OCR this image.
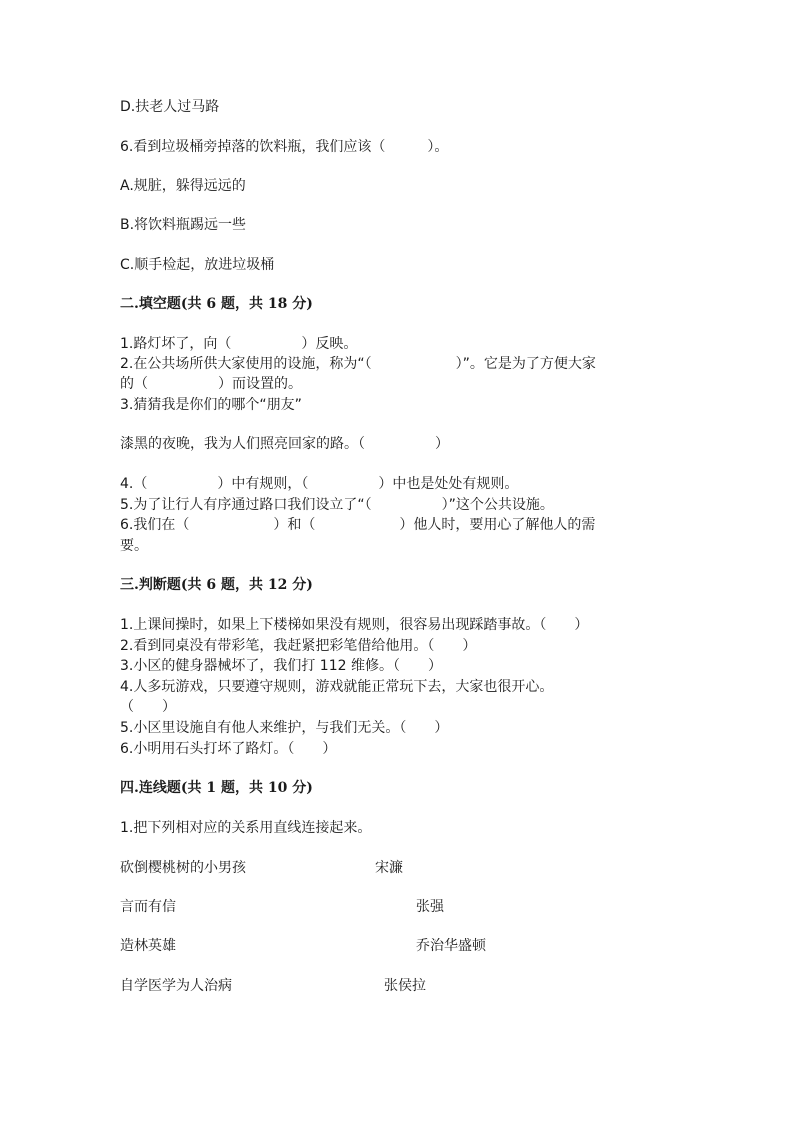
D.扶老人过马路
6.看到垃圾桶旁掉落的饮料瓶，我们应该（　　　）。
A.规脏，躲得远远的
B.将饮料瓶踢远一些
C.顺手检起，放进垃圾桶
二.填空题(共 6 题，共 18 分)
1.路灯坏了，向（　　　　　）反映。
2.在公共场所供大家使用的设施，称为“（　　　　　　）”。它是为了方便大家
的（　　　　　）而设置的。
3.猜猜我是你们的哪个“朋友”
漆黑的夜晚，我为人们照亮回家的路。（　　　　　）
4.（　　　　　）中有规则，（　　　　　）中也是处处有规则。
5.为了让行人有序通过路口我们设立了“（　　　　　）”这个公共设施。
6.我们在（　　　　　　）和（　　　　　　）他人时，要用心了解他人的需
要。
三.判断题(共 6 题，共 12 分)
1.上课间操时，如果上下楼梯如果没有规则，很容易出现踩踏事故。（　　）
2.看到同桌没有带彩笔，我赶紧把彩笔借给他用。（　　）
3.小区的健身器械坏了，我们打 112 维修。（　　）
4.人多玩游戏，只要遵守规则，游戏就能正常玩下去，大家也很开心。
（　　）
5.小区里设施自有他人来维护，与我们无关。（　　）
6.小明用石头打坏了路灯。（　　）
四.连线题(共 1 题，共 10 分)
1.把下列相对应的关系用直线连接起来。
砍倒樱桃树的小男孩	宋濂
言而有信	张强
造林英雄	乔治华盛顿
自学医学为人治病	张侯拉
